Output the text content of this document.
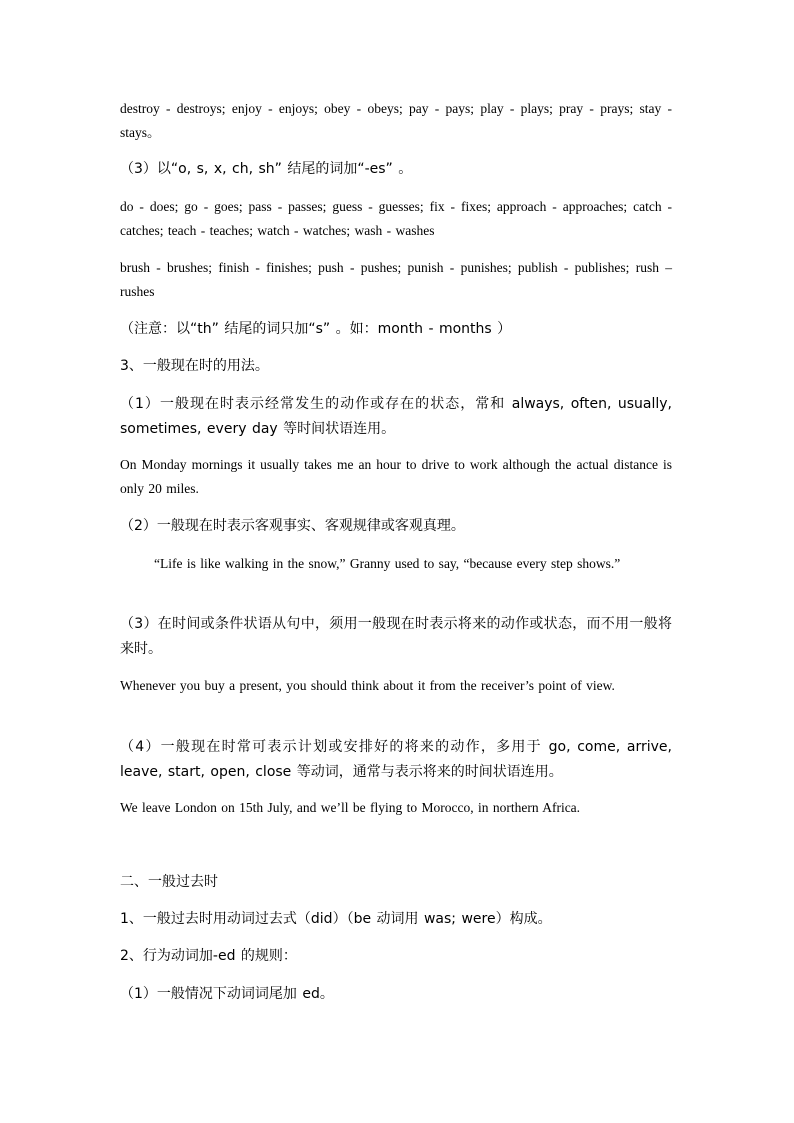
destroy - destroys; enjoy - enjoys; obey - obeys; pay - pays; play - plays; pray - prays; stay - stays。

（3）以“o, s, x, ch, sh” 结尾的词加“-es” 。

do - does; go - goes; pass - passes; guess - guesses; fix - fixes; approach - approaches; catch - catches; teach - teaches; watch - watches; wash - washes

brush - brushes; finish - finishes; push - pushes; punish - punishes; publish - publishes; rush – rushes

（注意：以“th” 结尾的词只加“s” 。如：month - months ）

3、一般现在时的用法。

（1）一般现在时表示经常发生的动作或存在的状态，常和 always, often, usually, sometimes, every day 等时间状语连用。

On Monday mornings it usually takes me an hour to drive to work although the actual distance is only 20 miles.

（2）一般现在时表示客观事实、客观规律或客观真理。

“Life is like walking in the snow,” Granny used to say, “because every step shows.”

（3）在时间或条件状语从句中，须用一般现在时表示将来的动作或状态，而不用一般将来时。

Whenever you buy a present, you should think about it from the receiver’s point of view.

（4）一般现在时常可表示计划或安排好的将来的动作，多用于 go, come, arrive, leave, start, open, close 等动词，通常与表示将来的时间状语连用。

We leave London on 15th July, and we’ll be flying to Morocco, in northern Africa.

二、一般过去时

1、一般过去时用动词过去式（did）（be 动词用 was; were）构成。

2、行为动词加-ed 的规则：

（1）一般情况下动词词尾加 ed。
